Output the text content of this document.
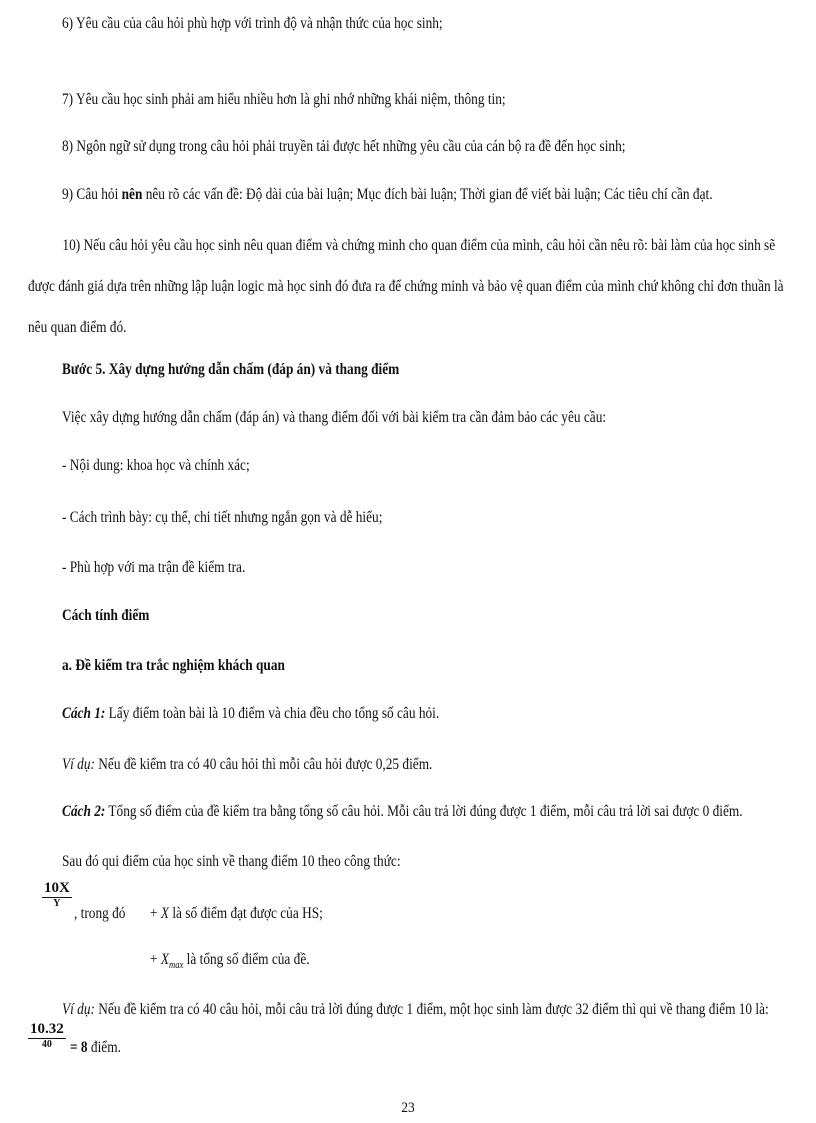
6) Yêu cầu của câu hỏi phù hợp với trình độ và nhận thức của học sinh;
7) Yêu cầu học sinh phải am hiểu nhiều hơn là ghi nhớ những khái niệm, thông tin;
8) Ngôn ngữ sử dụng trong câu hỏi phải truyền tải được hết những yêu cầu của cán bộ ra đề đến học sinh;
9) Câu hỏi nên nêu rõ các vấn đề: Độ dài của bài luận; Mục đích bài luận; Thời gian để viết bài luận; Các tiêu chí cần đạt.
10) Nếu câu hỏi yêu cầu học sinh nêu quan điểm và chứng minh cho quan điểm của mình, câu hỏi cần nêu rõ: bài làm của học sinh sẽ được đánh giá dựa trên những lập luận logic mà học sinh đó đưa ra để chứng minh và bảo vệ quan điểm của mình chứ không chỉ đơn thuần là nêu quan điểm đó.
Bước 5. Xây dựng hướng dẫn chấm (đáp án) và thang điểm
Việc xây dựng hướng dẫn chấm (đáp án) và thang điểm đối với bài kiểm tra cần đảm bảo các yêu cầu:
- Nội dung: khoa học và chính xác;
- Cách trình bày: cụ thể, chi tiết nhưng ngắn gọn và dễ hiểu;
- Phù hợp với ma trận đề kiểm tra.
Cách tính điểm
a. Đề kiểm tra trắc nghiệm khách quan
Cách 1: Lấy điểm toàn bài là 10 điểm và chia đều cho tổng số câu hỏi.
Ví dụ: Nếu đề kiểm tra có 40 câu hỏi thì mỗi câu hỏi được 0,25 điểm.
Cách 2: Tổng số điểm của đề kiểm tra bằng tổng số câu hỏi. Mỗi câu trả lời đúng được 1 điểm, mỗi câu trả lời sai được 0 điểm.
Sau đó qui điểm của học sinh về thang điểm 10 theo công thức:
10X
Y
, trong đó + X là số điểm đạt được của HS;
+ $X_{max}$ là tổng số điểm của đề.
Ví dụ: Nếu đề kiểm tra có 40 câu hỏi, mỗi câu trả lời đúng được 1 điểm, một học sinh làm được 32 điểm thì qui về thang điểm 10 là:
10.32
40	= 8 điểm.
23
